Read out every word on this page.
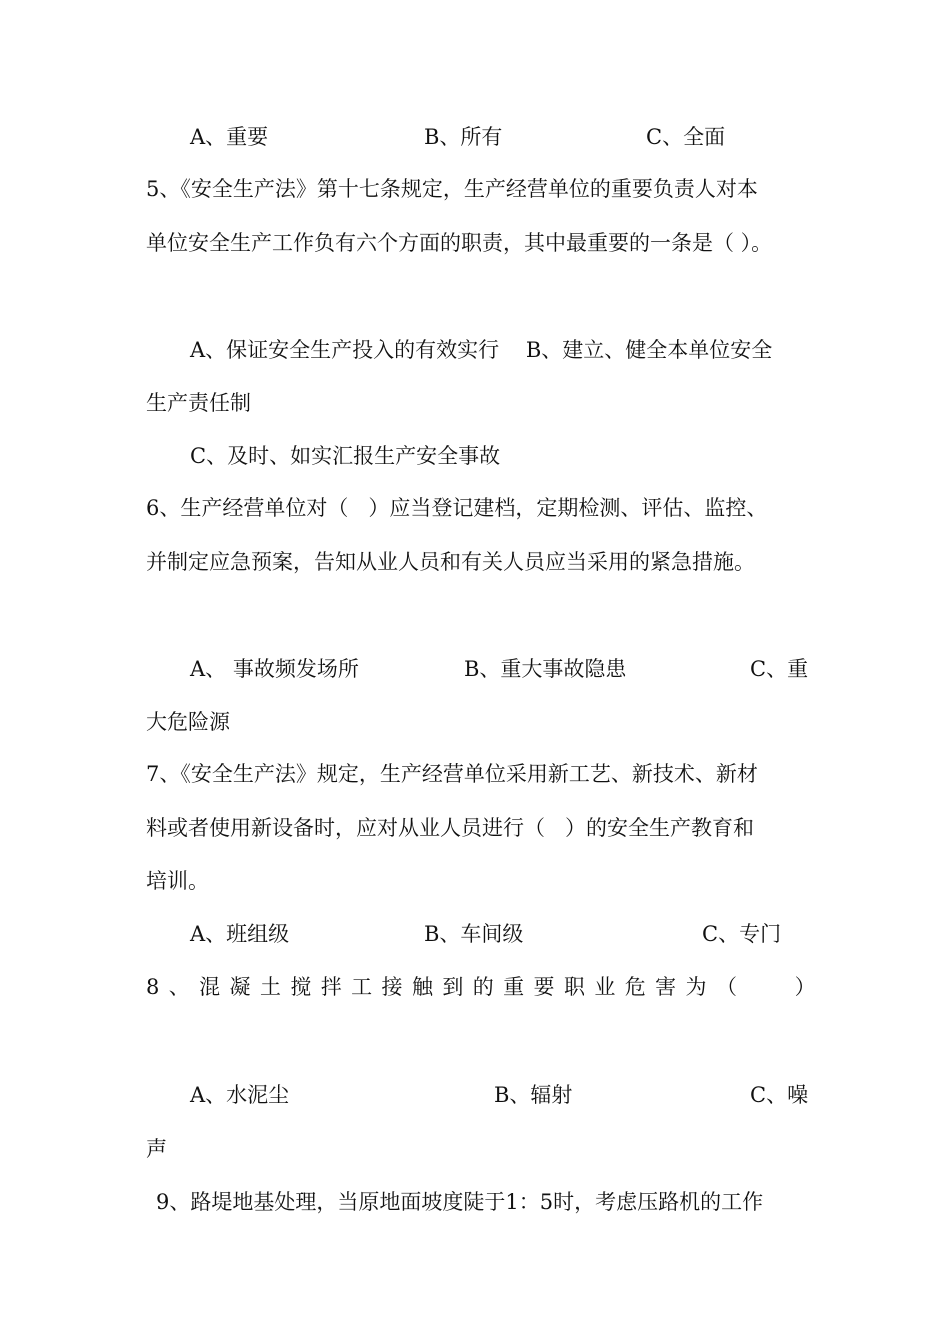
A、重要	B、所有	C、全面
5、《安全生产法》第十七条规定，生产经营单位的重要负责人对本
单位安全生产工作负有六个方面的职责，其中最重要的一条是（ ）。
A、保证安全生产投入的有效实行    B、建立、健全本单位安全
生产责任制
C、及时、如实汇报生产安全事故
6、生产经营单位对（   ）应当登记建档，定期检测、评估、监控、
并制定应急预案，告知从业人员和有关人员应当采用的紧急措施。
A、 事故频发场所	B、重大事故隐患	C、重
大危险源
7、《安全生产法》规定，生产经营单位采用新工艺、新技术、新材
料或者使用新设备时，应对从业人员进行（   ）的安全生产教育和
培训。
A、班组级	B、车间级	C、专门
8、混凝土搅拌工接触到的重要职业危害为（   ）
A、水泥尘	B、辐射	C、噪
声
9、路堤地基处理，当原地面坡度陡于1：5时，考虑压路机的工作
